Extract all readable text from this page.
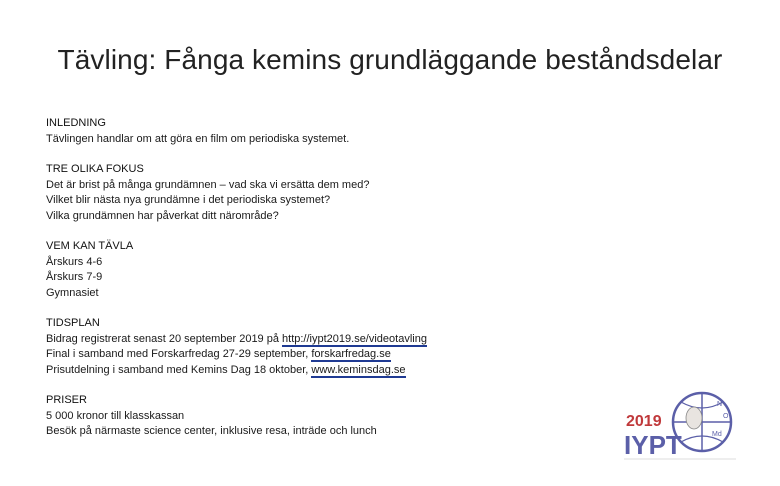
Tävling: Fånga kemins grundläggande beståndsdelar
INLEDNING
Tävlingen handlar om att göra en film om periodiska systemet.
TRE OLIKA FOKUS
Det är brist på många grundämnen – vad ska vi ersätta dem med?
Vilket blir nästa nya grundämne i det periodiska systemet?
Vilka grundämnen har påverkat ditt närområde?
VEM KAN TÄVLA
Årskurs 4-6
Årskurs 7-9
Gymnasiet
TIDSPLAN
Bidrag registrerat senast 20 september 2019 på http://iypt2019.se/videotavling
Final i samband med Forskarfredag 27-29 september, forskarfredag.se
Prisutdelning i samband med Kemins Dag 18 oktober, www.keminsdag.se
PRISER
5 000 kronor till klasskassan
Besök på närmaste science center, inklusive resa, inträde och lunch
N
O
Md
2019
IYPT
